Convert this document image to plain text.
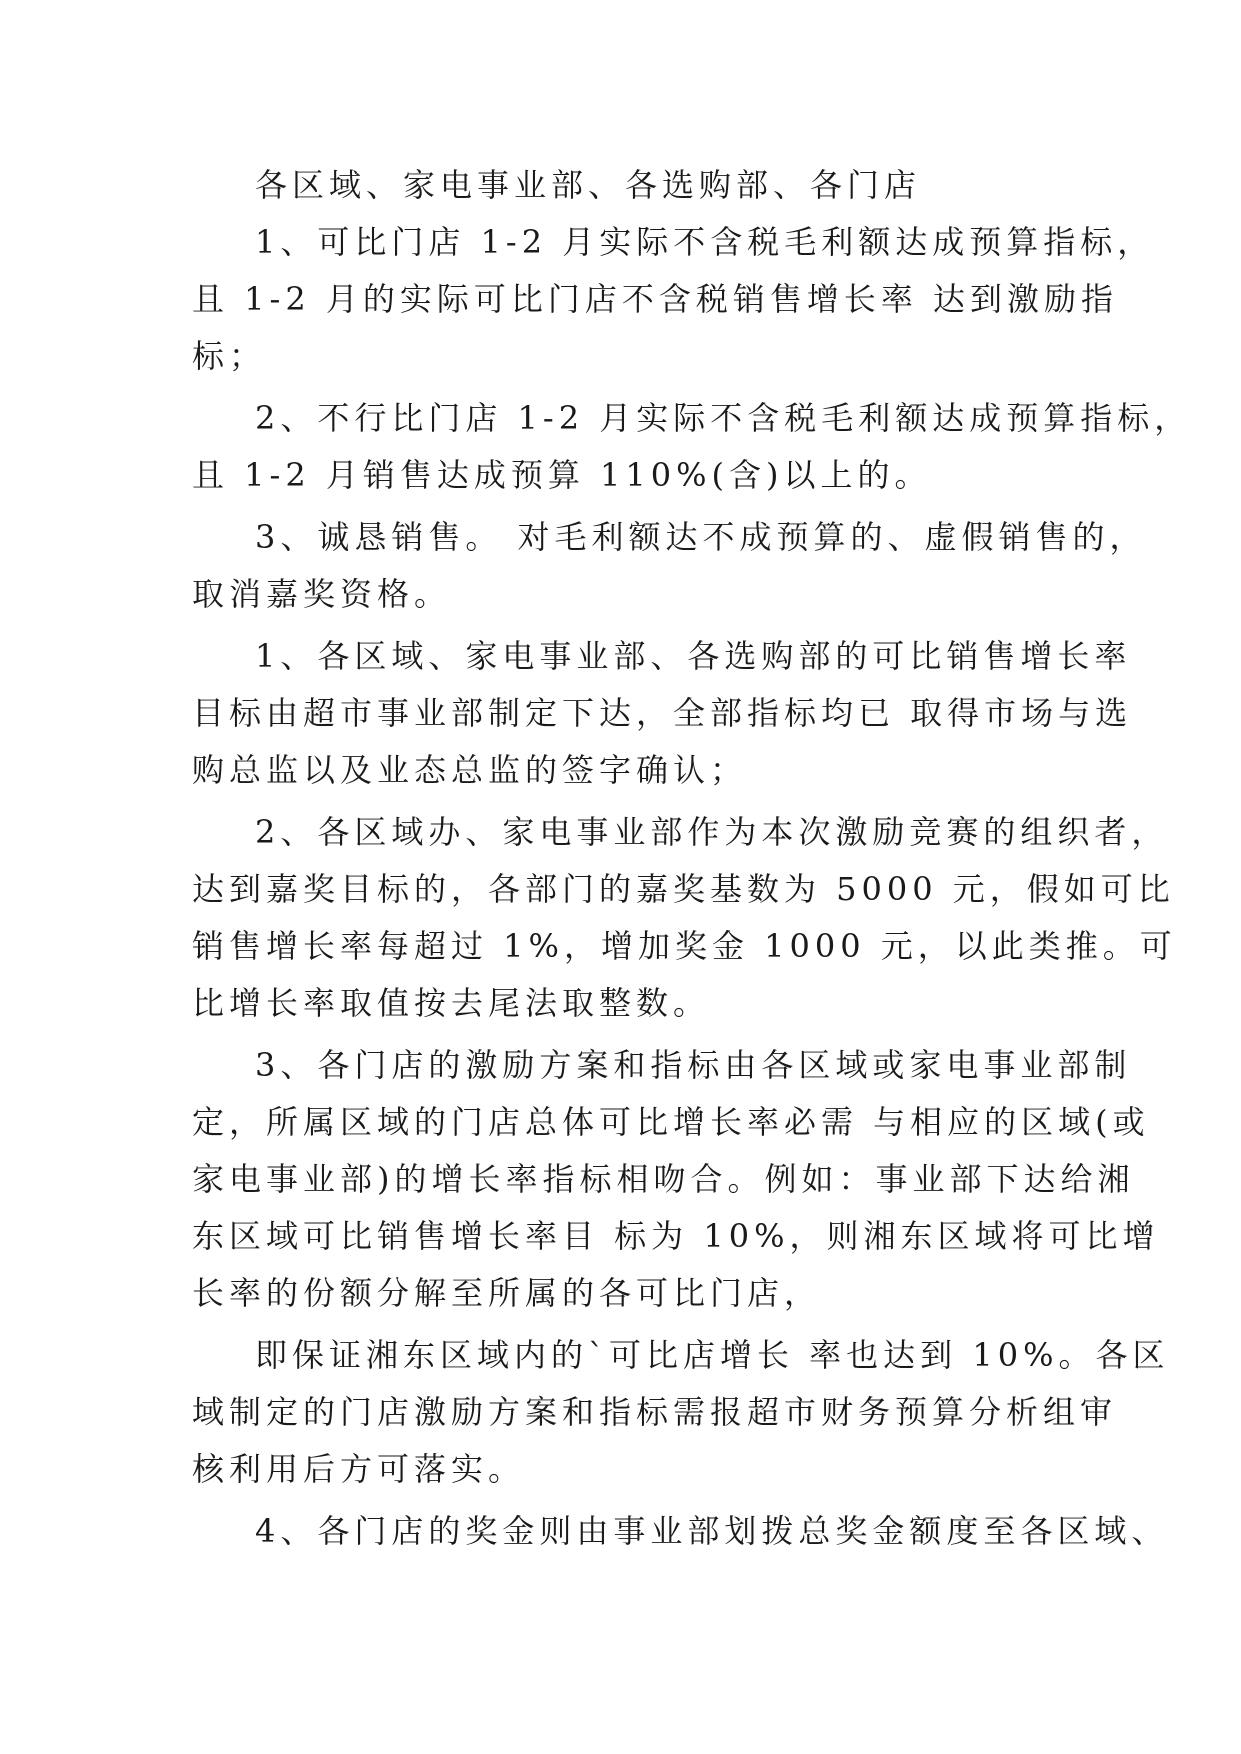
各区域、家电事业部、各选购部、各门店
1、可比门店 1-2 月实际不含税毛利额达成预算指标，
且 1-2 月的实际可比门店不含税销售增长率 达到激励指
标；
2、不行比门店 1-2 月实际不含税毛利额达成预算指标，
且 1-2 月销售达成预算 110%(含)以上的。
3、诚恳销售。 对毛利额达不成预算的、虚假销售的，
取消嘉奖资格。
1、各区域、家电事业部、各选购部的可比销售增长率
目标由超市事业部制定下达，全部指标均已 取得市场与选
购总监以及业态总监的签字确认；
2、各区域办、家电事业部作为本次激励竞赛的组织者，
达到嘉奖目标的，各部门的嘉奖基数为 5000 元，假如可比
销售增长率每超过 1%，增加奖金 1000 元，以此类推。可
比增长率取值按去尾法取整数。
3、各门店的激励方案和指标由各区域或家电事业部制
定，所属区域的门店总体可比增长率必需 与相应的区域(或
家电事业部)的增长率指标相吻合。例如：事业部下达给湘
东区域可比销售增长率目 标为 10%，则湘东区域将可比增
长率的份额分解至所属的各可比门店，
即保证湘东区域内的`可比店增长 率也达到 10%。各区
域制定的门店激励方案和指标需报超市财务预算分析组审
核利用后方可落实。
4、各门店的奖金则由事业部划拨总奖金额度至各区域、
